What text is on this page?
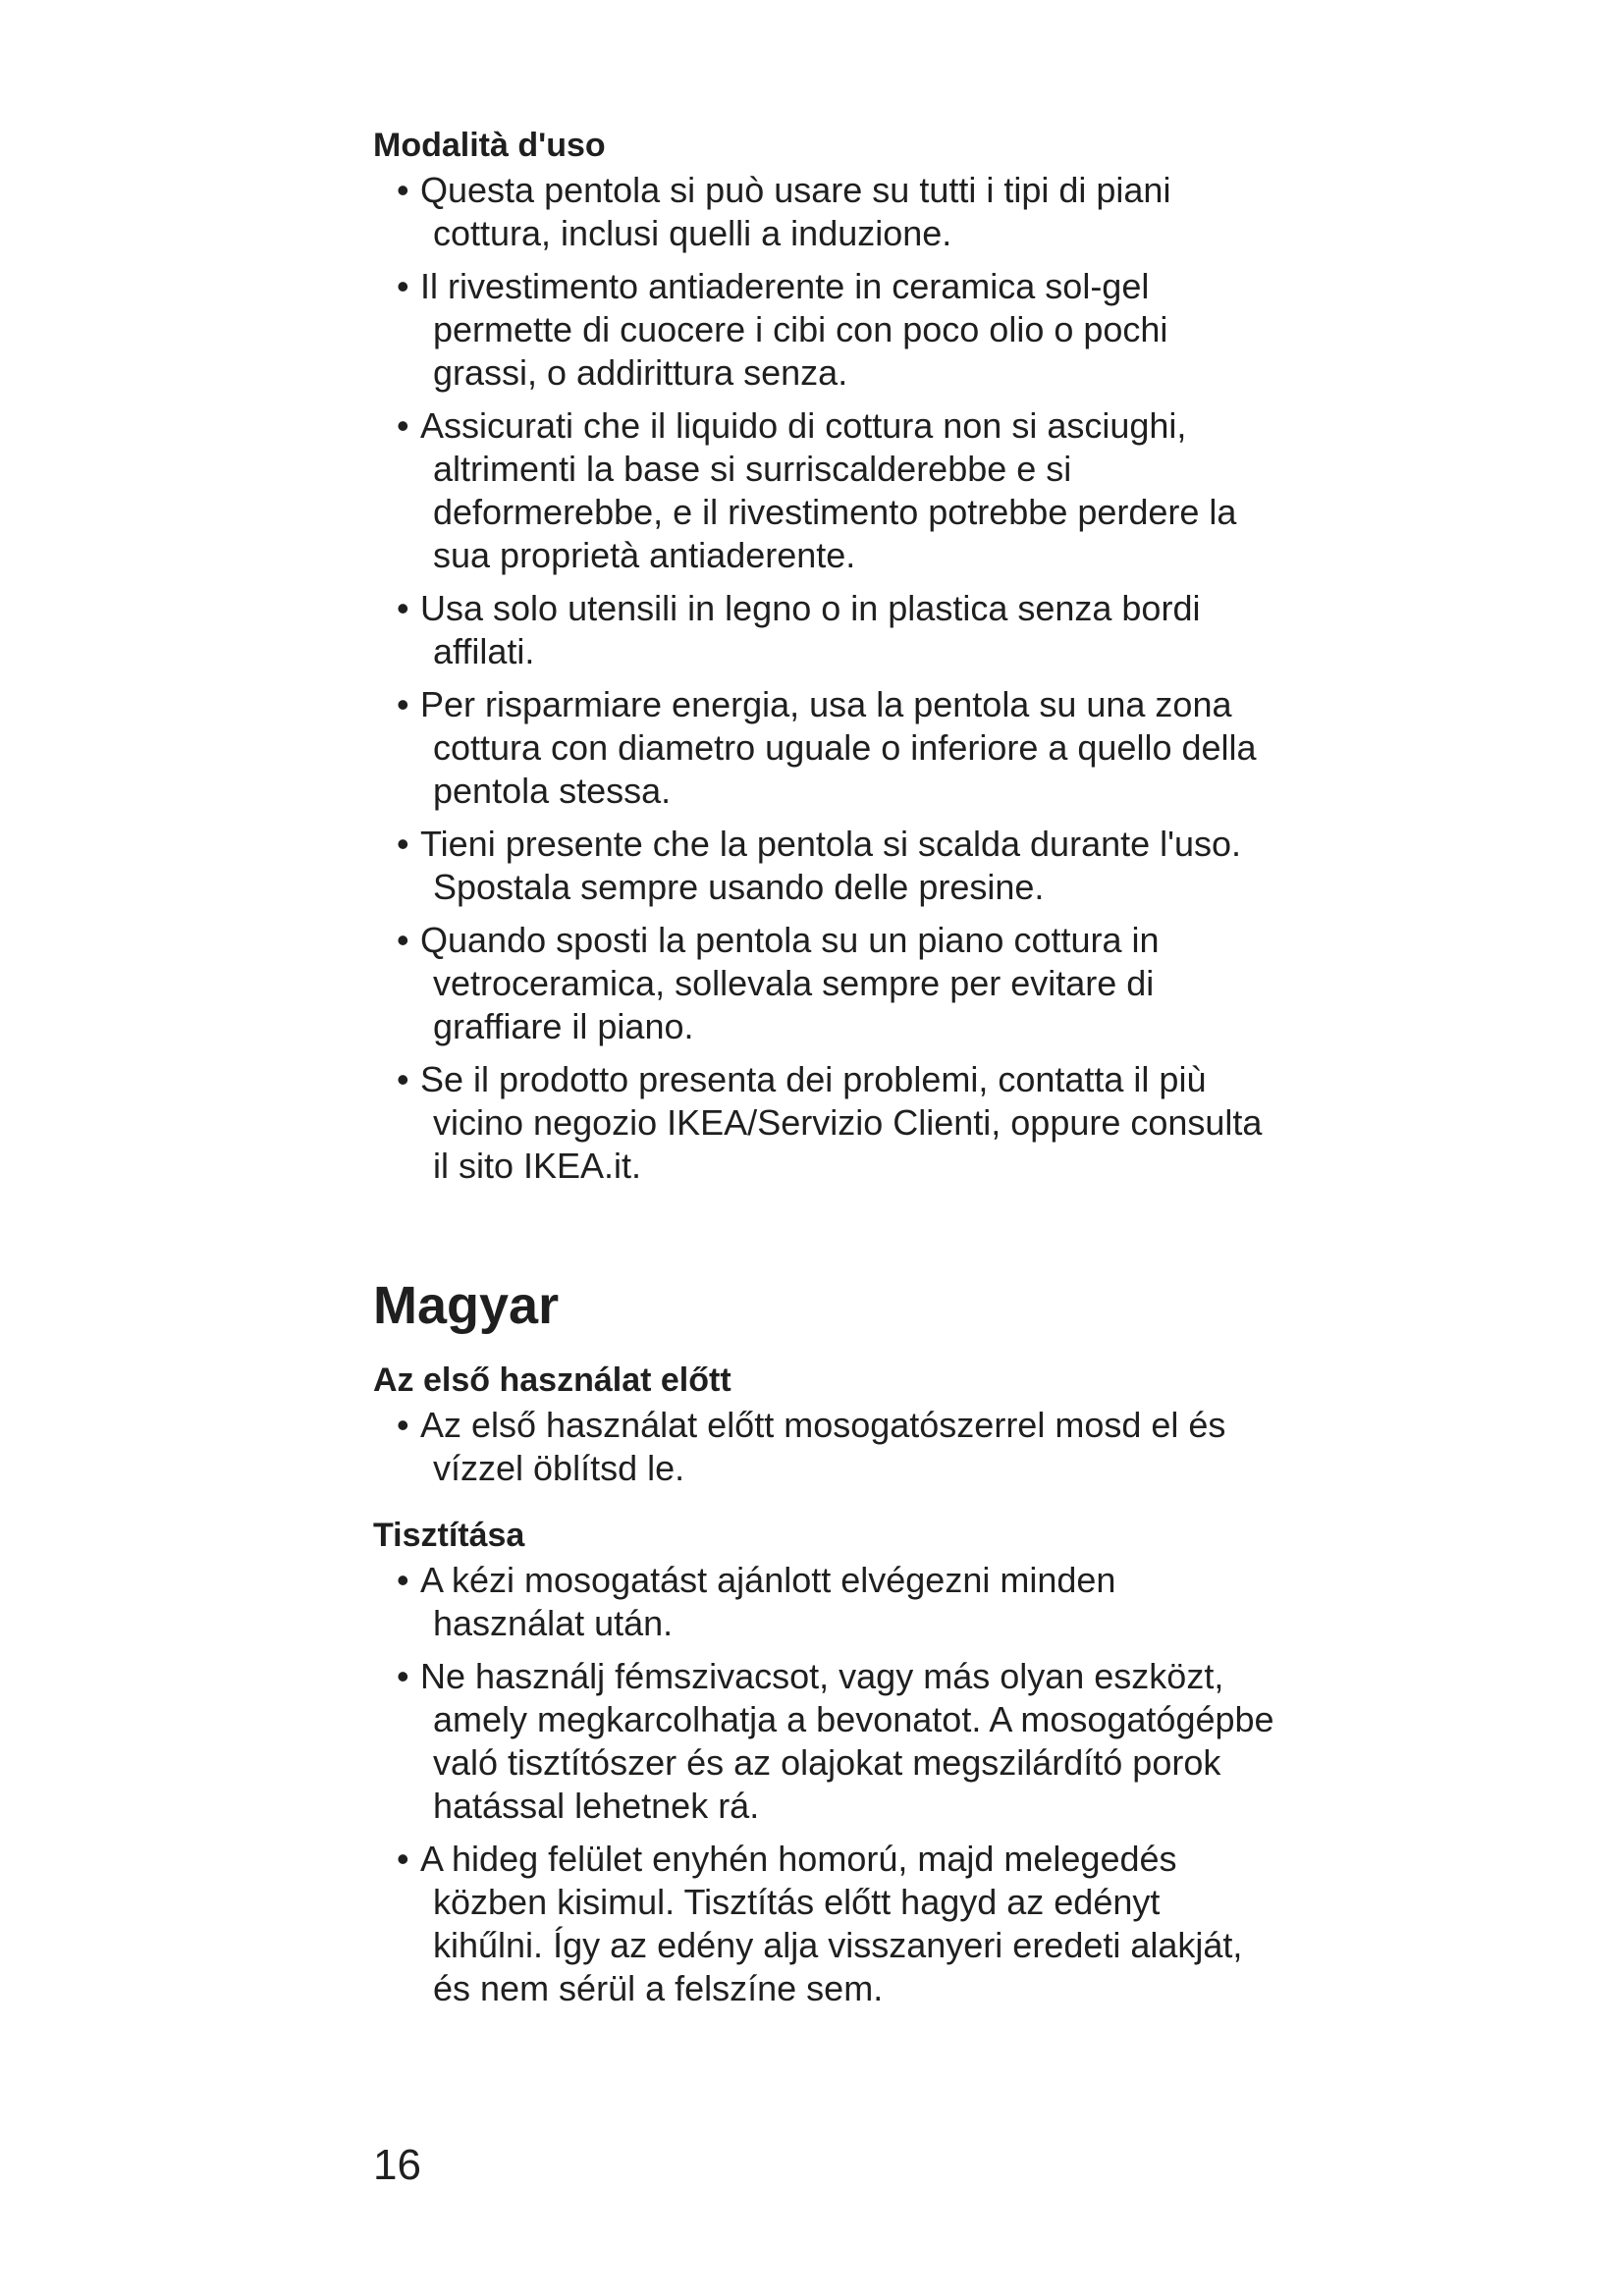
Modalità d'uso
• Questa pentola si può usare su tutti i tipi di piani cottura, inclusi quelli a induzione.
• Il rivestimento antiaderente in ceramica sol-gel permette di cuocere i cibi con poco olio o pochi grassi, o addirittura senza.
• Assicurati che il liquido di cottura non si asciughi, altrimenti la base si surriscalderebbe e si deformerebbe, e il rivestimento potrebbe perdere la sua proprietà antiaderente.
• Usa solo utensili in legno o in plastica senza bordi affilati.
• Per risparmiare energia, usa la pentola su una zona cottura con diametro uguale o inferiore a quello della pentola stessa.
• Tieni presente che la pentola si scalda durante l'uso. Spostala sempre usando delle presine.
• Quando sposti la pentola su un piano cottura in vetroceramica, sollevala sempre per evitare di graffiare il piano.
• Se il prodotto presenta dei problemi, contatta il più vicino negozio IKEA/Servizio Clienti, oppure consulta il sito IKEA.it.
Magyar
Az első használat előtt
• Az első használat előtt mosogatószerrel mosd el és vízzel öblítsd le.
Tisztítása
• A kézi mosogatást ajánlott elvégezni minden használat után.
• Ne használj fémszivacsot, vagy más olyan eszközt, amely megkarcolhatja a bevonatot. A mosogatógépbe való tisztítószer és az olajokat megszilárdító porok hatással lehetnek rá.
• A hideg felület enyhén homorú, majd melegedés közben kisimul. Tisztítás előtt hagyd az edényt kihűlni. Így az edény alja visszanyeri eredeti alakját, és nem sérül a felszíne sem.
16
